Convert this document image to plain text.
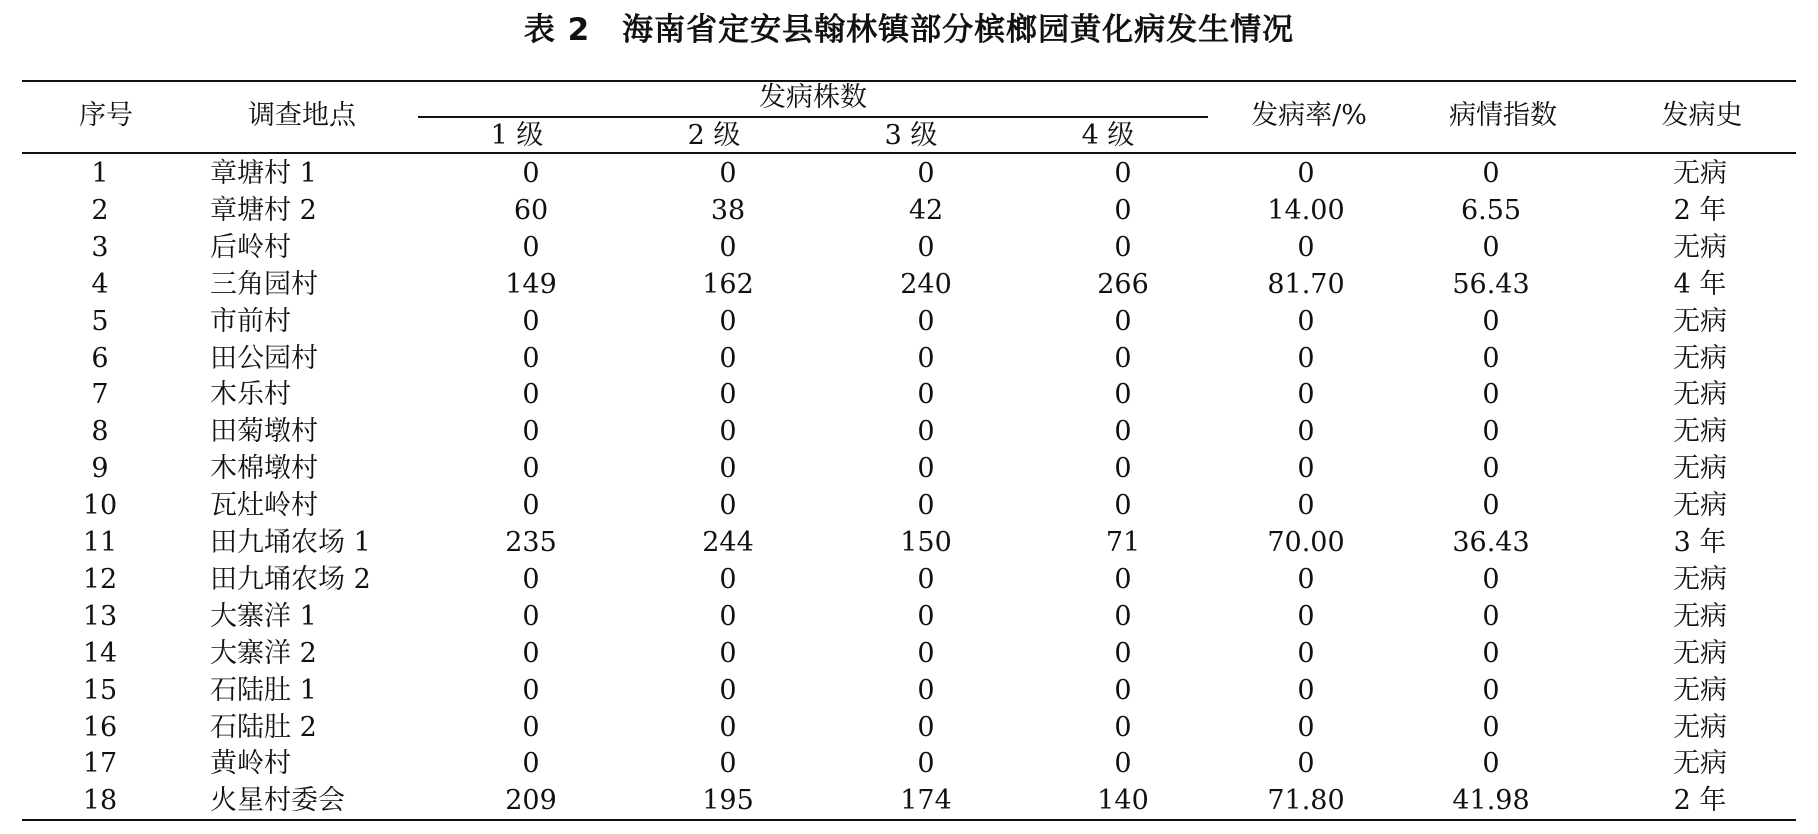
表 2　海南省定安县翰林镇部分槟榔园黄化病发生情况
序号	调查地点
发病株数
1 级	2 级	3 级	4 级
发病率/%	病情指数	发病史
1	章塘村 1	0	0	0	0	0	0	无病
2	章塘村 2	60	38	42	0	14.00	6.55	2 年
3	后岭村	0	0	0	0	0	0	无病
4	三角园村	149	162	240	266	81.70	56.43	4 年
5	市前村	0	0	0	0	0	0	无病
6	田公园村	0	0	0	0	0	0	无病
7	木乐村	0	0	0	0	0	0	无病
8	田菊墩村	0	0	0	0	0	0	无病
9	木棉墩村	0	0	0	0	0	0	无病
10	瓦灶岭村	0	0	0	0	0	0	无病
11	田九埇农场 1	235	244	150	71	70.00	36.43	3 年
12	田九埇农场 2	0	0	0	0	0	0	无病
13	大寨洋 1	0	0	0	0	0	0	无病
14	大寨洋 2	0	0	0	0	0	0	无病
15	石陆肚 1	0	0	0	0	0	0	无病
16	石陆肚 2	0	0	0	0	0	0	无病
17	黄岭村	0	0	0	0	0	0	无病
18	火星村委会	209	195	174	140	71.80	41.98	2 年
